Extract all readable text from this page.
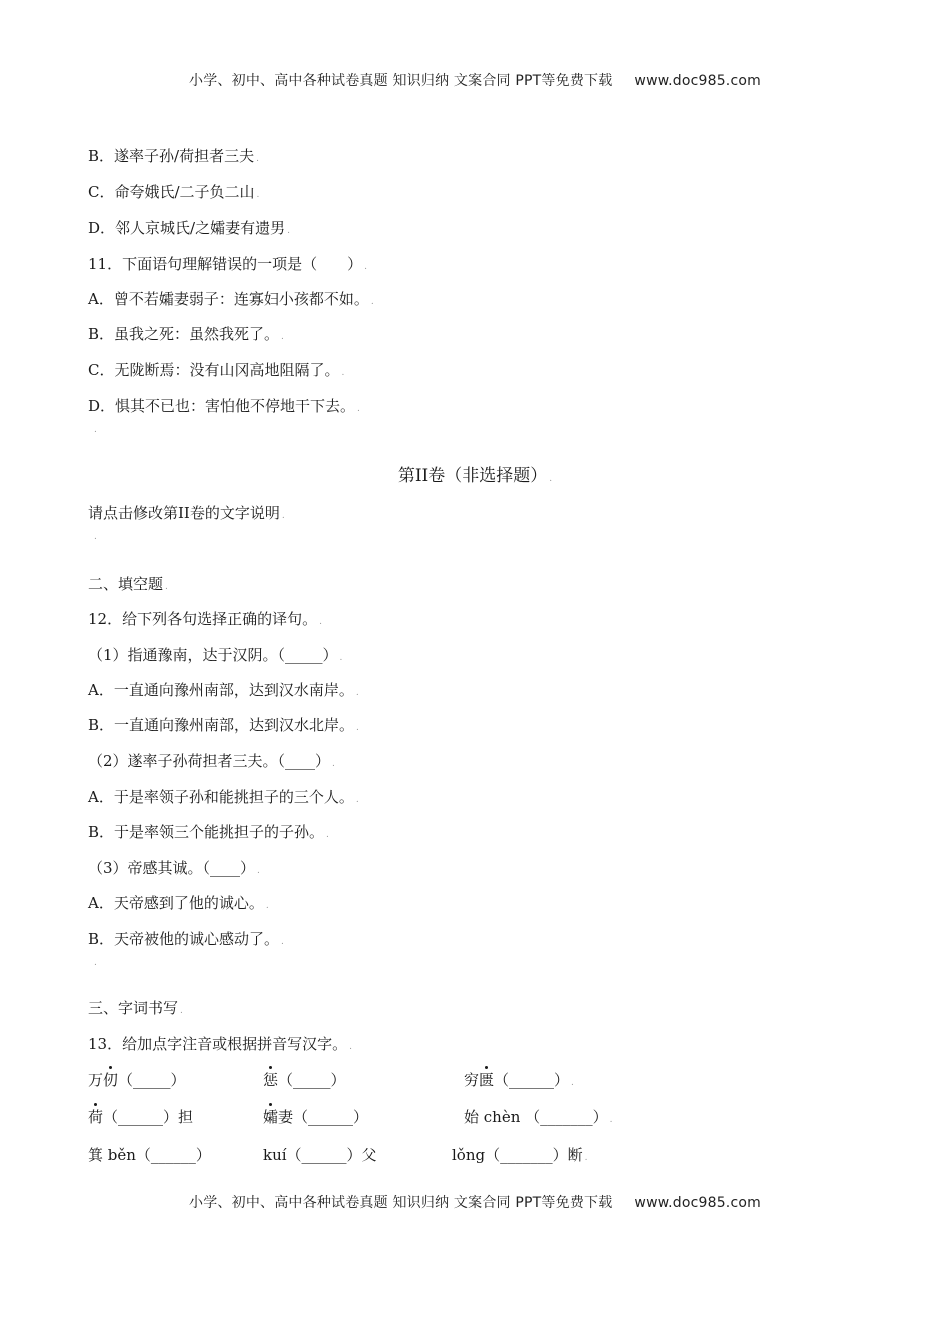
小学、初中、高中各种试卷真题 知识归纳 文案合同 PPT等免费下载 www.doc985.com
B．遂率子孙/荷担者三夫 .
C．命夸娥氏/二子负二山 .
D．邻人京城氏/之孀妻有遗男 .
11．下面语句理解错误的一项是（　　） .
A．曾不若孀妻弱子：连寡妇小孩都不如。 .
B．虽我之死：虽然我死了。 .
C．无陇断焉：没有山冈高地阻隔了。 .
D．惧其不已也：害怕他不停地干下去。 .
.
第II卷（非选择题） .
请点击修改第II卷的文字说明 .
.
二、填空题 .
12．给下列各句选择正确的译句。 .
（1）指通豫南，达于汉阴。（_____） .
A．一直通向豫州南部，达到汉水南岸。 .
B．一直通向豫州南部，达到汉水北岸。 .
（2）遂率子孙荷担者三夫。（____） .
A．于是率领子孙和能挑担子的三个人。 .
B．于是率领三个能挑担子的子孙。 .
（3）帝感其诚。（____） .
A．天帝感到了他的诚心。 .
B．天帝被他的诚心感动了。 .
.
三、字词书写 .
13．给加点字注音或根据拼音写汉字。 .
万仞（_____）	惩（_____）	穷匮（______） .
荷（______）担	孀妻（______）	始 chèn （_______） .
箕 běn（______）	kuí（______）父	lǒng（_______）断 .
小学、初中、高中各种试卷真题 知识归纳 文案合同 PPT等免费下载 www.doc985.com
